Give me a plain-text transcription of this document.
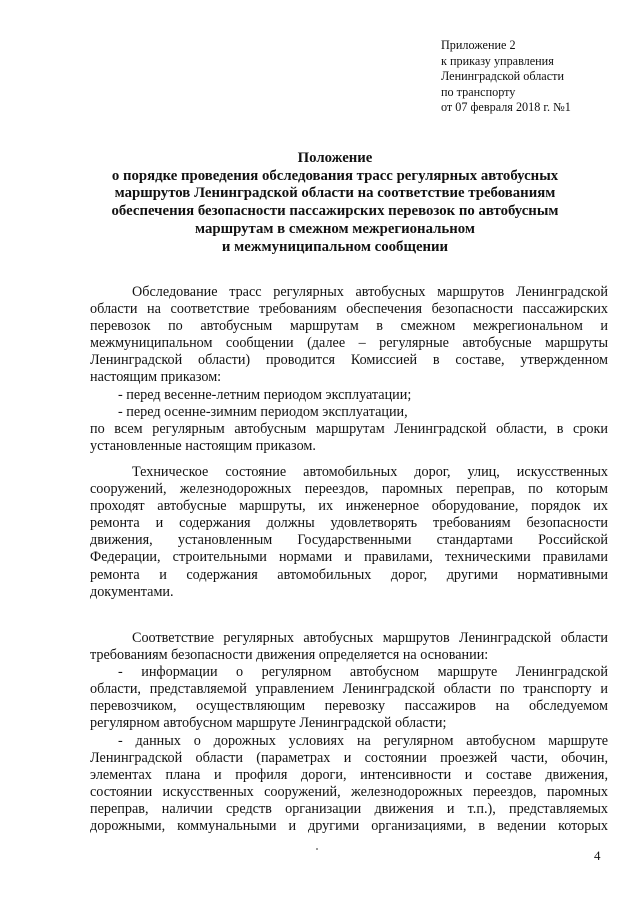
Приложение 2
к приказу управления
Ленинградской области
по транспорту
от 07 февраля 2018 г. №1
Положение
о порядке проведения обследования трасс регулярных автобусных
маршрутов Ленинградской области на соответствие требованиям
обеспечения безопасности пассажирских перевозок по автобусным
маршрутам в смежном межрегиональном
и межмуниципальном сообщении
Обследование трасс регулярных автобусных маршрутов Ленинградской
области на соответствие требованиям обеспечения безопасности пассажирских
перевозок по автобусным маршрутам в смежном межрегиональном и
межмуниципальном сообщении (далее – регулярные автобусные маршруты
Ленинградской области) проводится Комиссией в составе, утвержденном
настоящим приказом:
- перед весенне-летним периодом эксплуатации;
- перед осенне-зимним периодом эксплуатации,
по всем регулярным автобусным маршрутам Ленинградской области, в сроки
установленные настоящим приказом.
Техническое состояние автомобильных дорог, улиц, искусственных
сооружений, железнодорожных переездов, паромных переправ, по которым
проходят автобусные маршруты, их инженерное оборудование, порядок их
ремонта и содержания должны удовлетворять требованиям безопасности
движения, установленным Государственными стандартами Российской
Федерации, строительными нормами и правилами, техническими правилами
ремонта и содержания автомобильных дорог, другими нормативными
документами.
Соответствие регулярных автобусных маршрутов Ленинградской области
требованиям безопасности движения определяется на основании:
- информации о регулярном автобусном маршруте Ленинградской
области, представляемой управлением Ленинградской области по транспорту и
перевозчиком, осуществляющим перевозку пассажиров на обследуемом
регулярном автобусном маршруте Ленинградской области;
- данных о дорожных условиях на регулярном автобусном маршруте
Ленинградской области (параметрах и состоянии проезжей части, обочин,
элементах плана и профиля дороги, интенсивности и составе движения,
состоянии искусственных сооружений, железнодорожных переездов, паромных
переправ, наличии средств организации движения и т.п.), представляемых
дорожными, коммунальными и другими организациями, в ведении которых
4
